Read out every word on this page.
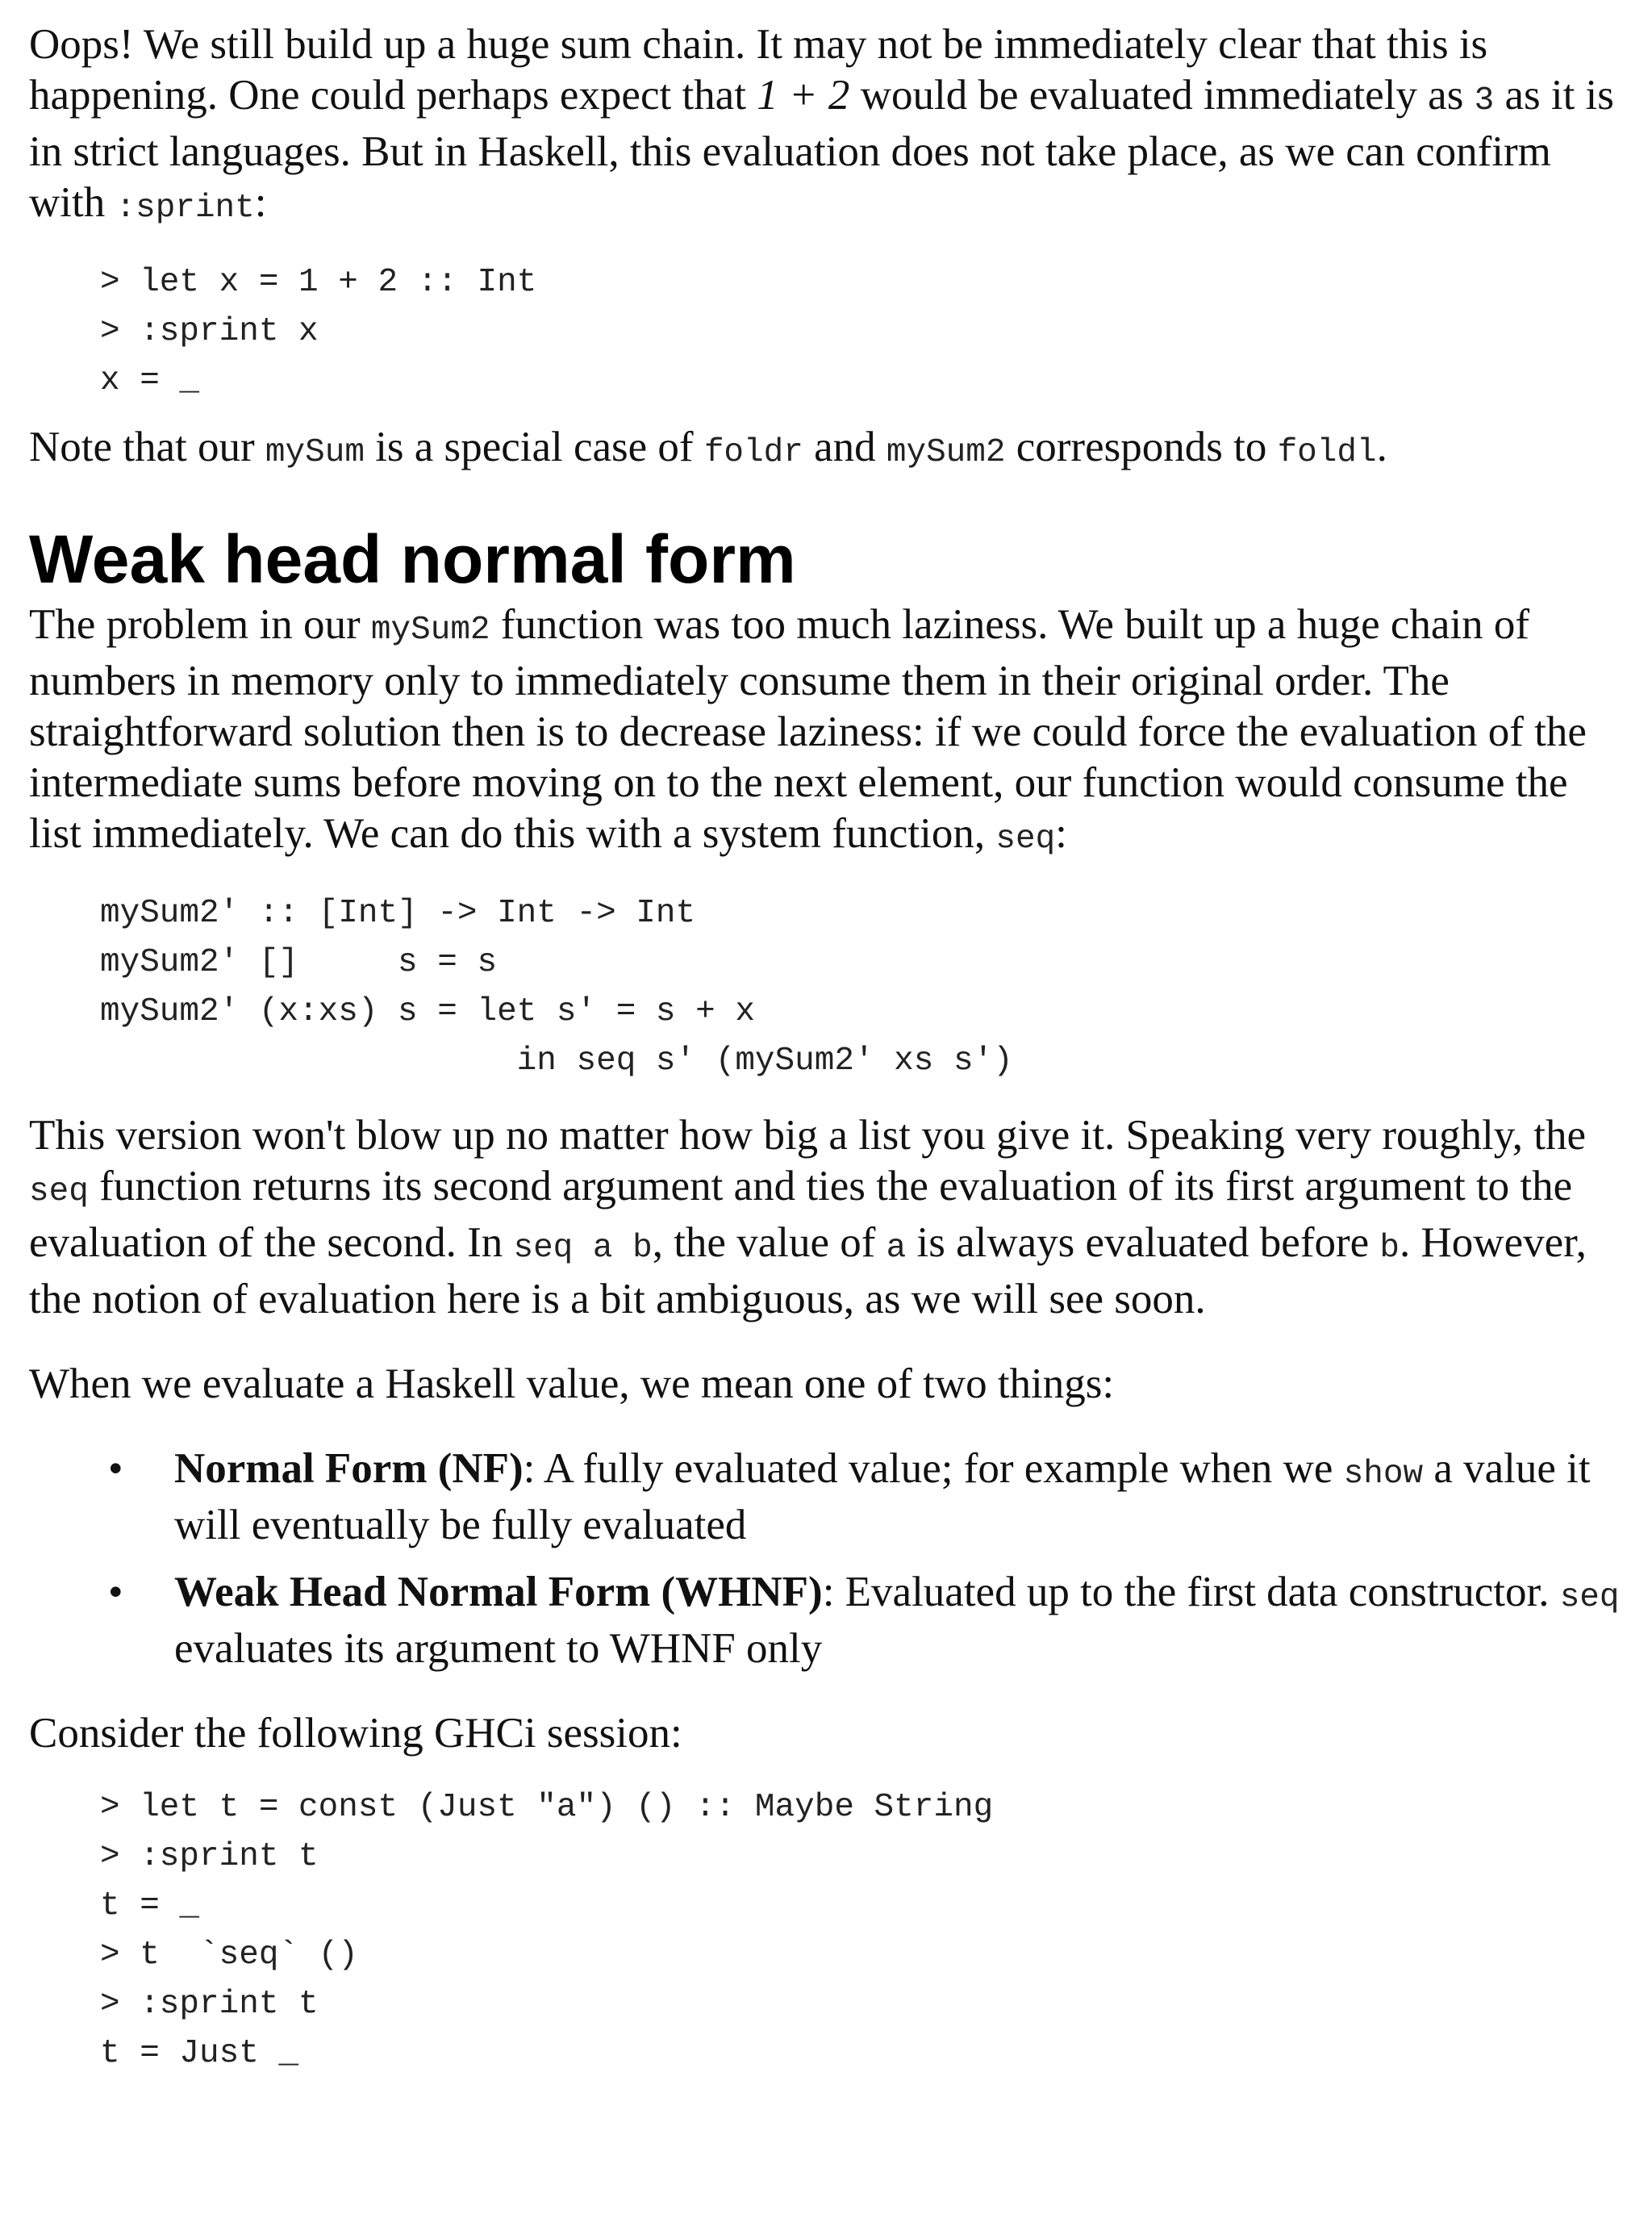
Oops! We still build up a huge sum chain. It may not be immediately clear that this is happening. One could perhaps expect that 1 + 2 would be evaluated immediately as 3 as it is in strict languages. But in Haskell, this evaluation does not take place, as we can confirm with :sprint:

> let x = 1 + 2 :: Int
> :sprint x
x = _

Note that our mySum is a special case of foldr and mySum2 corresponds to foldl.

Weak head normal form

The problem in our mySum2 function was too much laziness. We built up a huge chain of numbers in memory only to immediately consume them in their original order. The straightforward solution then is to decrease laziness: if we could force the evaluation of the intermediate sums before moving on to the next element, our function would consume the list immediately. We can do this with a system function, seq:

mySum2' :: [Int] -> Int -> Int
mySum2' []     s = s
mySum2' (x:xs) s = let s' = s + x
in seq s' (mySum2' xs s')

This version won't blow up no matter how big a list you give it. Speaking very roughly, the seq function returns its second argument and ties the evaluation of its first argument to the evaluation of the second. In seq a b, the value of a is always evaluated before b. However, the notion of evaluation here is a bit ambiguous, as we will see soon.

When we evaluate a Haskell value, we mean one of two things:

• Normal Form (NF): A fully evaluated value; for example when we show a value it will eventually be fully evaluated
• Weak Head Normal Form (WHNF): Evaluated up to the first data constructor. seq evaluates its argument to WHNF only

Consider the following GHCi session:

> let t = const (Just "a") () :: Maybe String
> :sprint t
t = _
> t  `seq` ()
> :sprint t
t = Just _
